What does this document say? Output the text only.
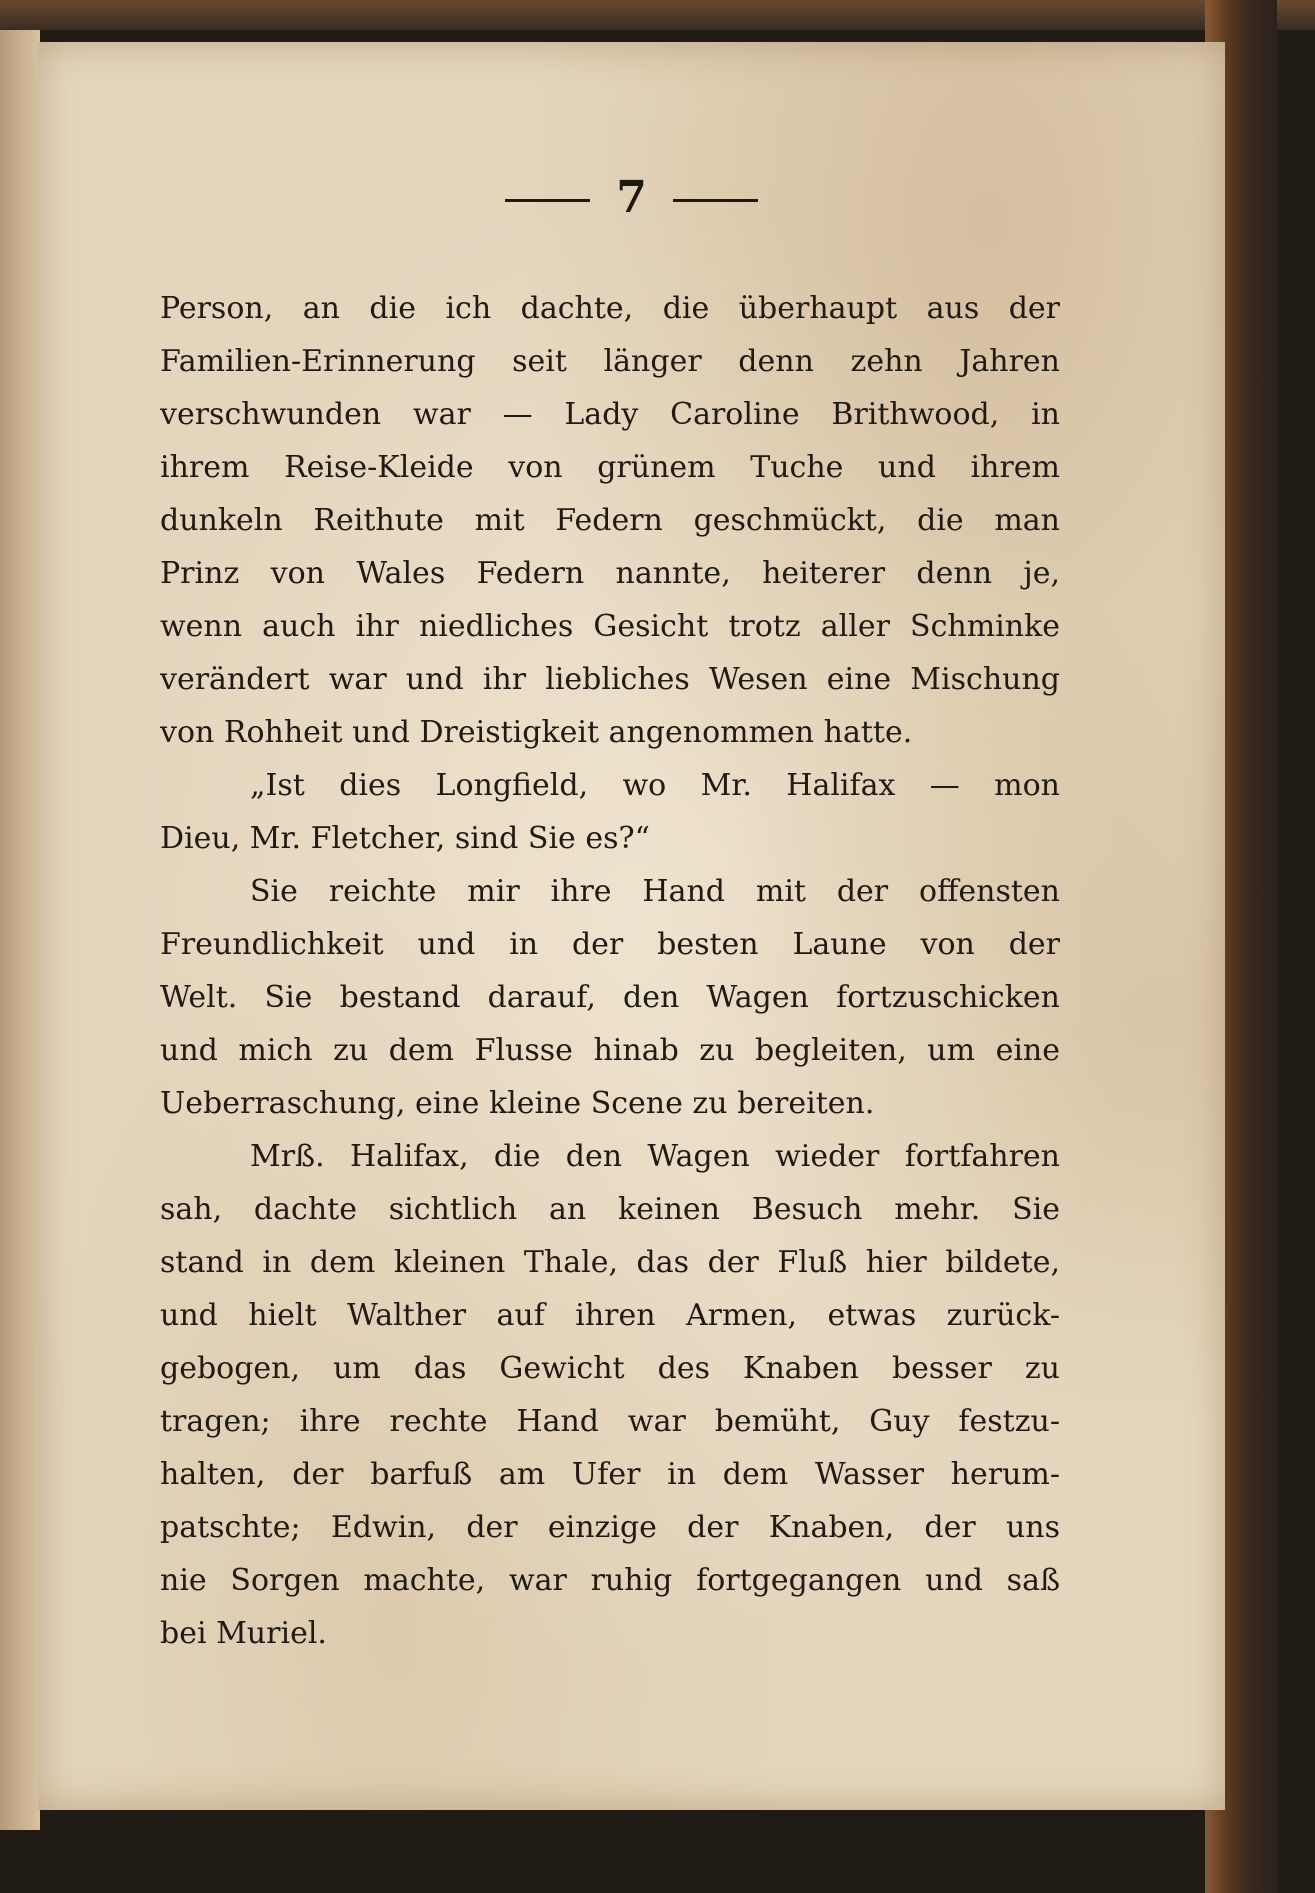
7
Person, an die ich dachte, die überhaupt aus der
Familien-Erinnerung seit länger denn zehn Jahren
verschwunden war — Lady Caroline Brithwood, in
ihrem Reise-Kleide von grünem Tuche und ihrem
dunkeln Reithute mit Federn geschmückt, die man
Prinz von Wales Federn nannte, heiterer denn je,
wenn auch ihr niedliches Gesicht trotz aller Schminke
verändert war und ihr liebliches Wesen eine Mischung
von Rohheit und Dreistigkeit angenommen hatte.
„Ist dies Longfield, wo Mr. Halifax — mon
Dieu, Mr. Fletcher, sind Sie es?“
Sie reichte mir ihre Hand mit der offensten
Freundlichkeit und in der besten Laune von der
Welt. Sie bestand darauf, den Wagen fortzuschicken
und mich zu dem Flusse hinab zu begleiten, um eine
Ueberraschung, eine kleine Scene zu bereiten.
Mrß. Halifax, die den Wagen wieder fortfahren
sah, dachte sichtlich an keinen Besuch mehr. Sie
stand in dem kleinen Thale, das der Fluß hier bildete,
und hielt Walther auf ihren Armen, etwas zurück-
gebogen, um das Gewicht des Knaben besser zu
tragen; ihre rechte Hand war bemüht, Guy festzu-
halten, der barfuß am Ufer in dem Wasser herum-
patschte; Edwin, der einzige der Knaben, der uns
nie Sorgen machte, war ruhig fortgegangen und saß
bei Muriel.
